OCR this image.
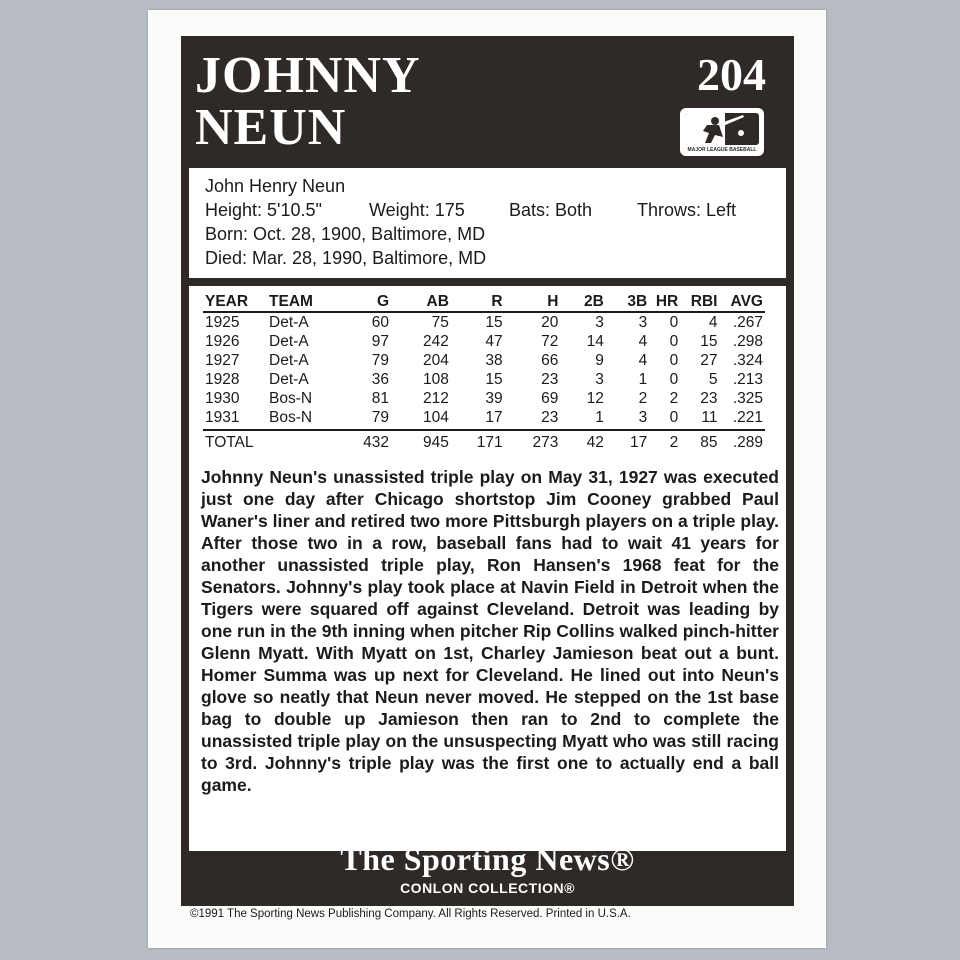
JOHNNY
NEUN
204
MAJOR LEAGUE BASEBALL
John Henry Neun
Height: 5'10.5"	Weight: 175 Bats: Both Throws: Left
Born: Oct. 28, 1900, Baltimore, MD
Died: Mar. 28, 1990, Baltimore, MD
YEAR	TEAM	G	AB	R	H	2B	3B	HR	RBI	AVG
1925	Det-A	60	75	15	20	3	3	0	4	.267
1926	Det-A	97	242	47	72	14	4	0	15	.298
1927	Det-A	79	204	38	66	9	4	0	27	.324
1928	Det-A	36	108	15	23	3	1	0	5	.213
1930	Bos-N	81	212	39	69	12	2	2	23	.325
1931	Bos-N	79	104	17	23	1	3	0	11	.221
TOTAL		432	945	171	273	42	17	2	85	.289
Johnny Neun's unassisted triple play on May 31, 1927 was executed just one day after Chicago shortstop Jim Cooney grabbed Paul Waner's liner and retired two more Pittsburgh players on a triple play. After those two in a row, baseball fans had to wait 41 years for another unassisted triple play, Ron Hansen's 1968 feat for the Senators. Johnny's play took place at Navin Field in Detroit when the Tigers were squared off against Cleveland. Detroit was leading by one run in the 9th inning when pitcher Rip Collins walked pinch-hitter Glenn Myatt. With Myatt on 1st, Charley Jamieson beat out a bunt. Homer Summa was up next for Cleveland. He lined out into Neun's glove so neatly that Neun never moved. He stepped on the 1st base bag to double up Jamieson then ran to 2nd to complete the unassisted triple play on the unsuspecting Myatt who was still racing to 3rd. Johnny's triple play was the first one to actually end a ball game.
The Sporting News®
CONLON COLLECTION®
©1991 The Sporting News Publishing Company. All Rights Reserved. Printed in U.S.A.
